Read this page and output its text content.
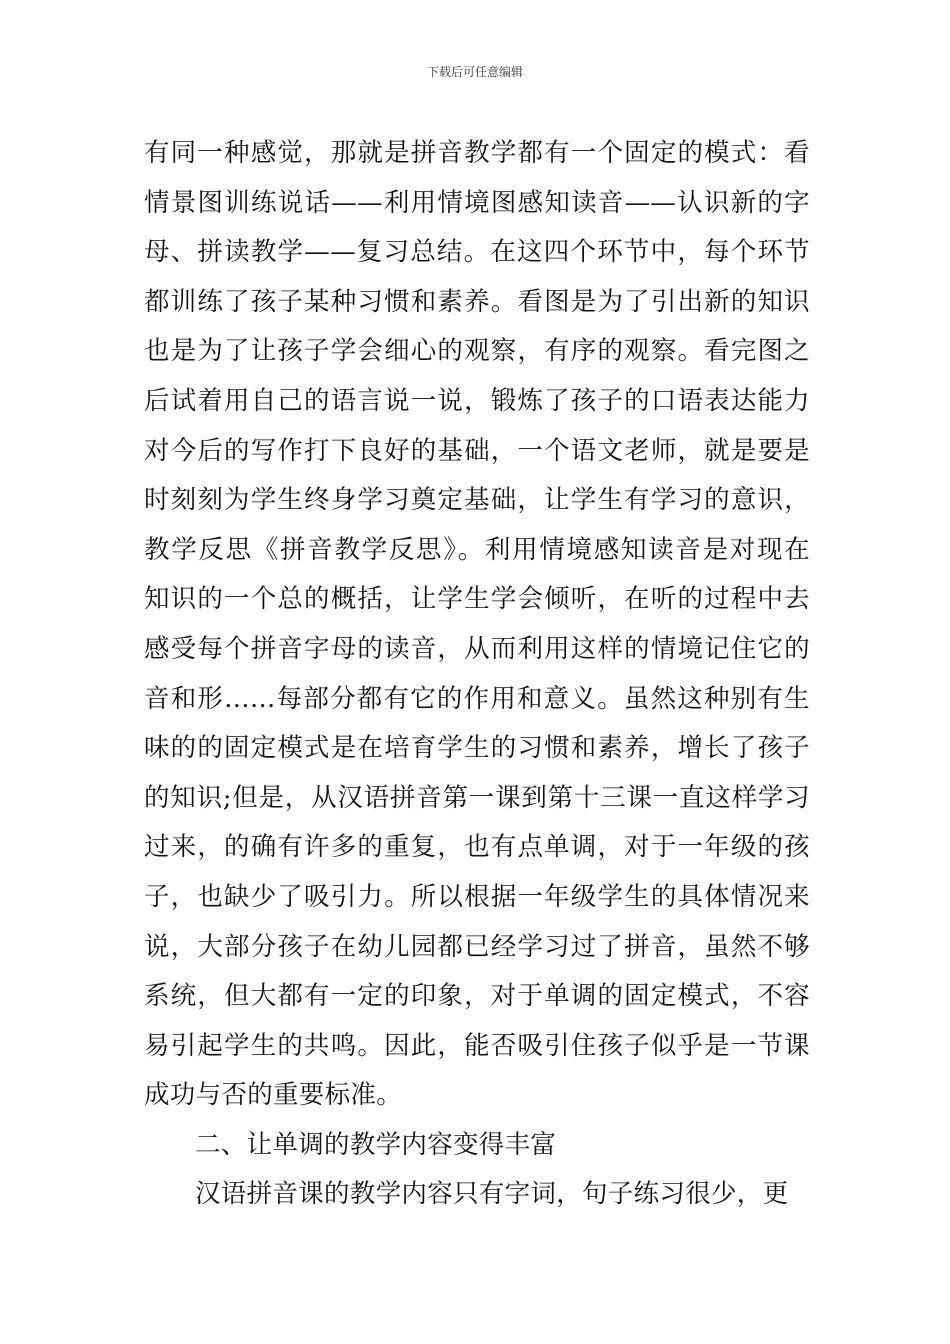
下载后可任意编辑
有同一种感觉，那就是拼音教学都有一个固定的模式：看
情景图训练说话——利用情境图感知读音——认识新的字
母、拼读教学——复习总结。在这四个环节中，每个环节
都训练了孩子某种习惯和素养。看图是为了引出新的知识
也是为了让孩子学会细心的观察，有序的观察。看完图之
后试着用自己的语言说一说，锻炼了孩子的口语表达能力
对今后的写作打下良好的基础，一个语文老师，就是要是
时刻刻为学生终身学习奠定基础，让学生有学习的意识，
教学反思《拼音教学反思》。利用情境感知读音是对现在
知识的一个总的概括，让学生学会倾听，在听的过程中去
感受每个拼音字母的读音，从而利用这样的情境记住它的
音和形……每部分都有它的作用和意义。虽然这种别有生
味的的固定模式是在培育学生的习惯和素养，增长了孩子
的知识;但是，从汉语拼音第一课到第十三课一直这样学习
过来，的确有许多的重复，也有点单调，对于一年级的孩
子，也缺少了吸引力。所以根据一年级学生的具体情况来
说，大部分孩子在幼儿园都已经学习过了拼音，虽然不够
系统，但大都有一定的印象，对于单调的固定模式，不容
易引起学生的共鸣。因此，能否吸引住孩子似乎是一节课
成功与否的重要标准。
二、让单调的教学内容变得丰富
汉语拼音课的教学内容只有字词，句子练习很少，更
